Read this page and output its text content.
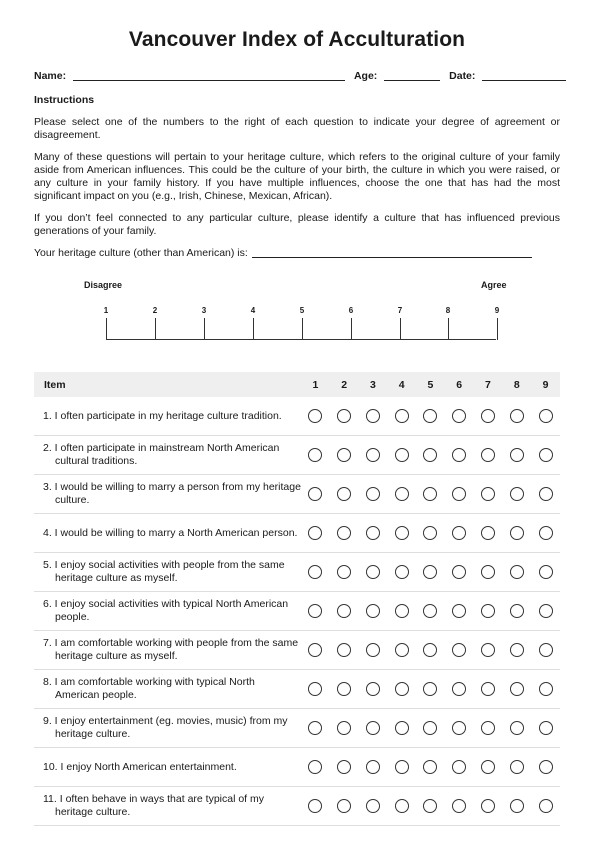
Vancouver Index of Acculturation
Name:	Age:	Date:
Instructions
Please select one of the numbers to the right of each question to indicate your degree of agreement or disagreement.
Many of these questions will pertain to your heritage culture, which refers to the original culture of your family aside from American influences. This could be the culture of your birth, the culture in which you were raised, or any culture in your family history. If you have multiple influences, choose the one that has had the most significant impact on you (e.g., Irish, Chinese, Mexican, African).
If you don’t feel connected to any particular culture, please identify a culture that has influenced previous generations of your family.
Your heritage culture (other than American) is:
Disagree	Agree
1	2	3	4	5	6	7	8	9
Item	1	2	3	4	5	6	7	8	9

1. I often participate in my heritage culture tradition.									

2. I often participate in mainstream North American cultural traditions.									

3. I would be willing to marry a person from my heritage culture.									

4. I would be willing to marry a North American person.									

5. I enjoy social activities with people from the same heritage culture as myself.									

6. I enjoy social activities with typical North American people.									

7. I am comfortable working with people from the same heritage culture as myself.									

8. I am comfortable working with typical North American people.									

9. I enjoy entertainment (eg. movies, music) from my heritage culture.									

10. I enjoy North American entertainment.									

11. I often behave in ways that are typical of my heritage culture.									
